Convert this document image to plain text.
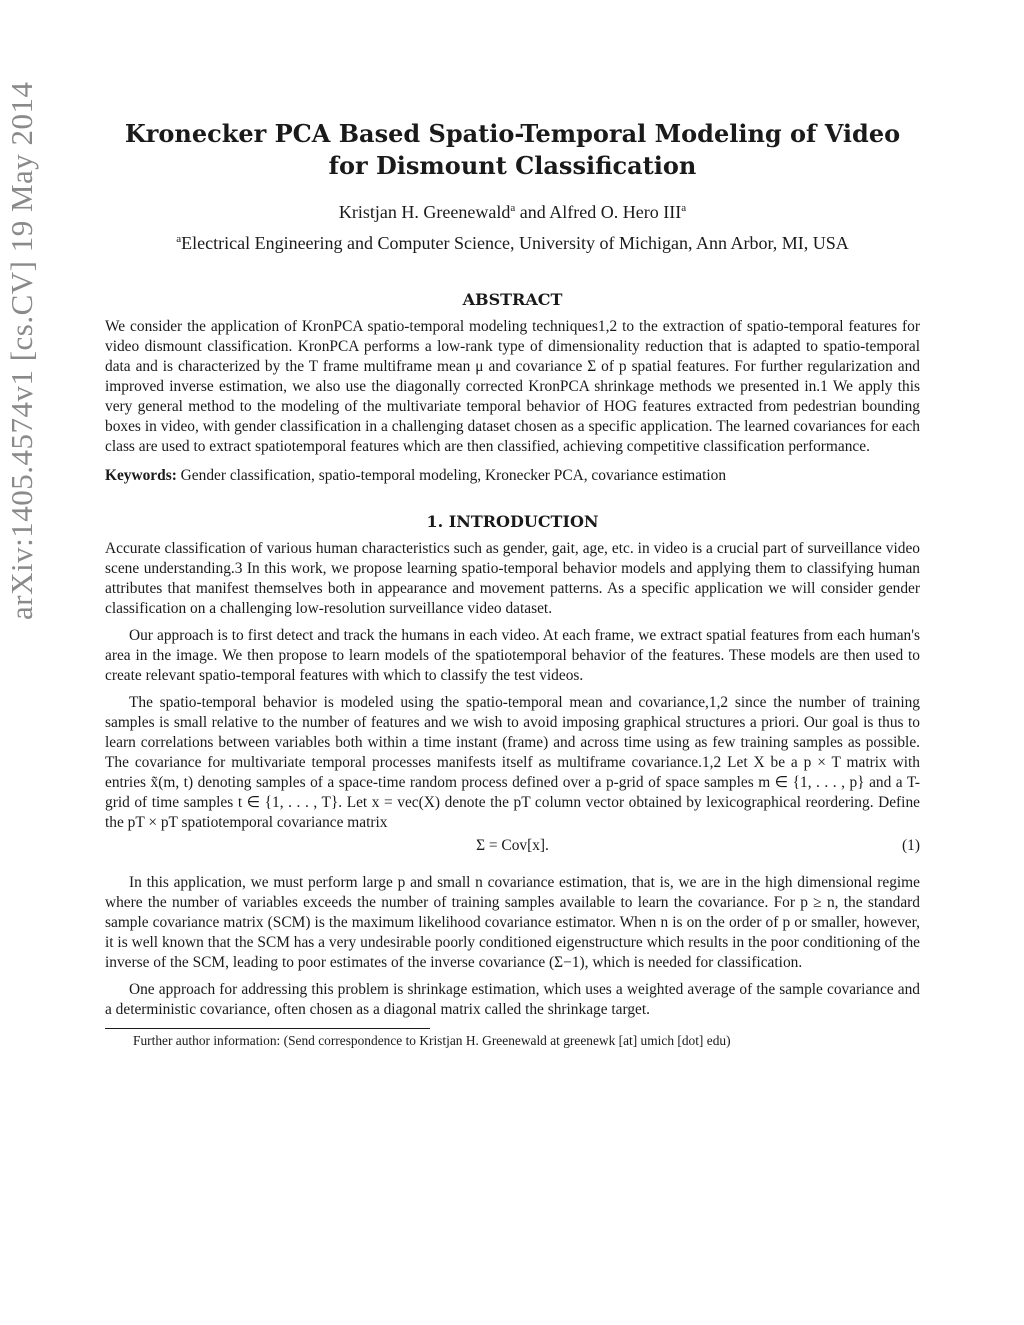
arXiv:1405.4574v1 [cs.CV] 19 May 2014	Kronecker PCA Based Spatio-Temporal Modeling of Video
for Dismount Classification
Kristjan H. Greenewald$^a$ and Alfred O. Hero III$^a$
$^a$Electrical Engineering and Computer Science, University of Michigan, Ann Arbor, MI, USA
ABSTRACT

We consider the application of KronPCA spatio-temporal modeling techniques1,2 to the extraction of spatio-temporal features for video dismount classification. KronPCA performs a low-rank type of dimensionality reduction that is adapted to spatio-temporal data and is characterized by the T frame multiframe mean μ and covariance Σ of p spatial features. For further regularization and improved inverse estimation, we also use the diagonally corrected KronPCA shrinkage methods we presented in.1 We apply this very general method to the modeling of the multivariate temporal behavior of HOG features extracted from pedestrian bounding boxes in video, with gender classification in a challenging dataset chosen as a specific application. The learned covariances for each class are used to extract spatiotemporal features which are then classified, achieving competitive classification performance.

Keywords: Gender classification, spatio-temporal modeling, Kronecker PCA, covariance estimation

1. INTRODUCTION

Accurate classification of various human characteristics such as gender, gait, age, etc. in video is a crucial part of surveillance video scene understanding.3 In this work, we propose learning spatio-temporal behavior models and applying them to classifying human attributes that manifest themselves both in appearance and movement patterns. As a specific application we will consider gender classification on a challenging low-resolution surveillance video dataset.

Our approach is to first detect and track the humans in each video. At each frame, we extract spatial features from each human's area in the image. We then propose to learn models of the spatiotemporal behavior of the features. These models are then used to create relevant spatio-temporal features with which to classify the test videos.

The spatio-temporal behavior is modeled using the spatio-temporal mean and covariance,1,2 since the number of training samples is small relative to the number of features and we wish to avoid imposing graphical structures a priori. Our goal is thus to learn correlations between variables both within a time instant (frame) and across time using as few training samples as possible. The covariance for multivariate temporal processes manifests itself as multiframe covariance.1,2 Let X be a p × T matrix with entries x̃(m, t) denoting samples of a space-time random process defined over a p-grid of space samples m ∈ {1, . . . , p} and a T-grid of time samples t ∈ {1, . . . , T}. Let x = vec(X) denote the pT column vector obtained by lexicographical reordering. Define the pT × pT spatiotemporal covariance matrix

Σ = Cov[x].	(1)

In this application, we must perform large p and small n covariance estimation, that is, we are in the high dimensional regime where the number of variables exceeds the number of training samples available to learn the covariance. For p ≥ n, the standard sample covariance matrix (SCM) is the maximum likelihood covariance estimator. When n is on the order of p or smaller, however, it is well known that the SCM has a very undesirable poorly conditioned eigenstructure which results in the poor conditioning of the inverse of the SCM, leading to poor estimates of the inverse covariance (Σ−1), which is needed for classification.

One approach for addressing this problem is shrinkage estimation, which uses a weighted average of the sample covariance and a deterministic covariance, often chosen as a diagonal matrix called the shrinkage target.

Further author information: (Send correspondence to Kristjan H. Greenewald at greenewk [at] umich [dot] edu)
